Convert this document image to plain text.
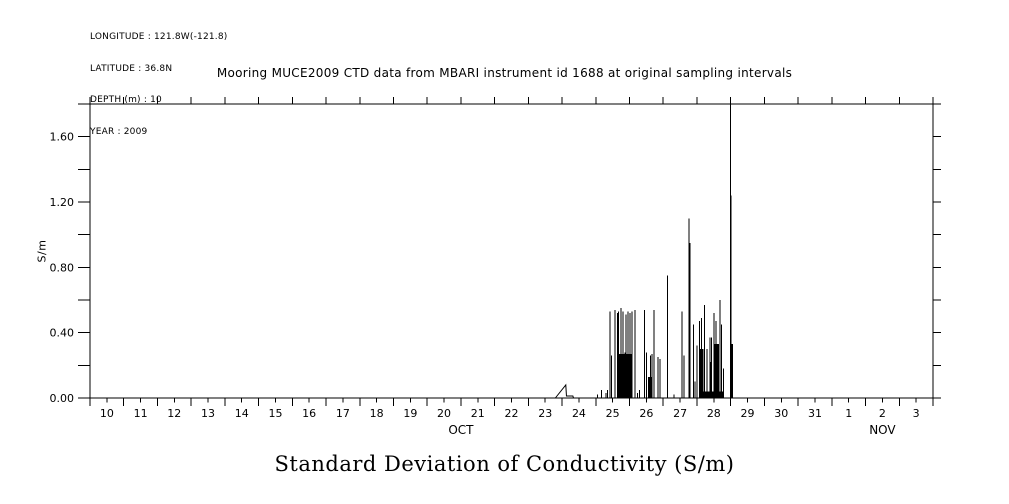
LONGITUDE : 121.8W(-121.8)

LATITUDE : 36.8N

DEPTH (m) : 10

YEAR : 2009

Mooring MUCE2009 CTD data from MBARI instrument id 1688 at original sampling intervals
S/m
0.00
0.40
0.80
1.20
1.60
10 11 12 13 14 15 16 17 18 19 20 21 22 23 24 25 26 27 28 29 30 31 1 2 3
OCT	NOV
Standard Deviation of Conductivity (S/m)
